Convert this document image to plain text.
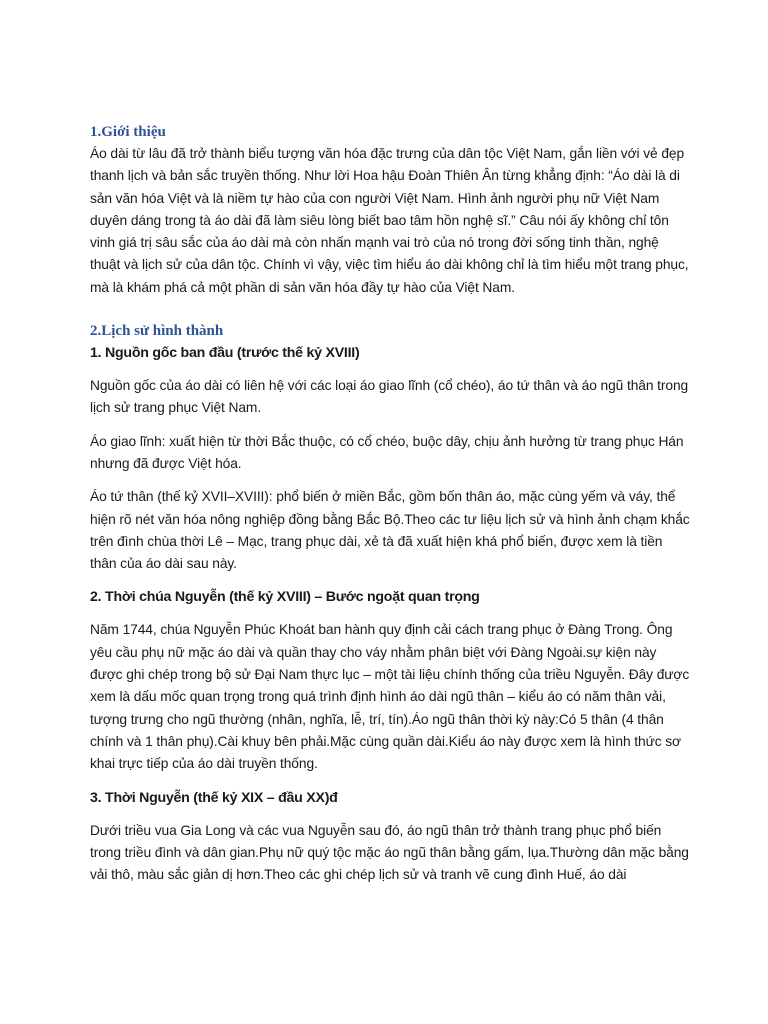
1.Giới thiệu

Áo dài từ lâu đã trở thành biểu tượng văn hóa đặc trưng của dân tộc Việt Nam, gắn liền với vẻ đẹp thanh lịch và bản sắc truyền thống. Như lời Hoa hậu Đoàn Thiên Ân từng khẳng định: “Áo dài là di sản văn hóa Việt và là niềm tự hào của con người Việt Nam. Hình ảnh người phụ nữ Việt Nam duyên dáng trong tà áo dài đã làm siêu lòng biết bao tâm hồn nghệ sĩ.” Câu nói ấy không chỉ tôn vinh giá trị sâu sắc của áo dài mà còn nhấn mạnh vai trò của nó trong đời sống tinh thần, nghệ thuật và lịch sử của dân tộc. Chính vì vậy, việc tìm hiểu áo dài không chỉ là tìm hiểu một trang phục, mà là khám phá cả một phần di sản văn hóa đầy tự hào của Việt Nam.

2.Lịch sử hình thành
1. Nguồn gốc ban đầu (trước thế kỷ XVIII)

Nguồn gốc của áo dài có liên hệ với các loại áo giao lĩnh (cổ chéo), áo tứ thân và áo ngũ thân trong lịch sử trang phục Việt Nam.

Áo giao lĩnh: xuất hiện từ thời Bắc thuộc, có cổ chéo, buộc dây, chịu ảnh hưởng từ trang phục Hán nhưng đã được Việt hóa.

Áo tứ thân (thế kỷ XVII–XVIII): phổ biến ở miền Bắc, gồm bốn thân áo, mặc cùng yếm và váy, thể hiện rõ nét văn hóa nông nghiệp đồng bằng Bắc Bộ.Theo các tư liệu lịch sử và hình ảnh chạm khắc trên đình chùa thời Lê – Mạc, trang phục dài, xẻ tà đã xuất hiện khá phổ biến, được xem là tiền thân của áo dài sau này.

2. Thời chúa Nguyễn (thế kỷ XVIII) – Bước ngoặt quan trọng

Năm 1744, chúa Nguyễn Phúc Khoát ban hành quy định cải cách trang phục ở Đàng Trong. Ông yêu cầu phụ nữ mặc áo dài và quần thay cho váy nhằm phân biệt với Đàng Ngoài.sự kiện này được ghi chép trong bộ sử Đại Nam thực lục – một tài liệu chính thống của triều Nguyễn. Đây được xem là dấu mốc quan trọng trong quá trình định hình áo dài ngũ thân – kiểu áo có năm thân vải, tượng trưng cho ngũ thường (nhân, nghĩa, lễ, trí, tín).Áo ngũ thân thời kỳ này:Có 5 thân (4 thân chính và 1 thân phụ).Cài khuy bên phải.Mặc cùng quần dài.Kiểu áo này được xem là hình thức sơ khai trực tiếp của áo dài truyền thống.

3. Thời Nguyễn (thế kỷ XIX – đầu XX)đ

Dưới triều vua Gia Long và các vua Nguyễn sau đó, áo ngũ thân trở thành trang phục phổ biến trong triều đình và dân gian.Phụ nữ quý tộc mặc áo ngũ thân bằng gấm, lụa.Thường dân mặc bằng vải thô, màu sắc giản dị hơn.Theo các ghi chép lịch sử và tranh vẽ cung đình Huế, áo dài
